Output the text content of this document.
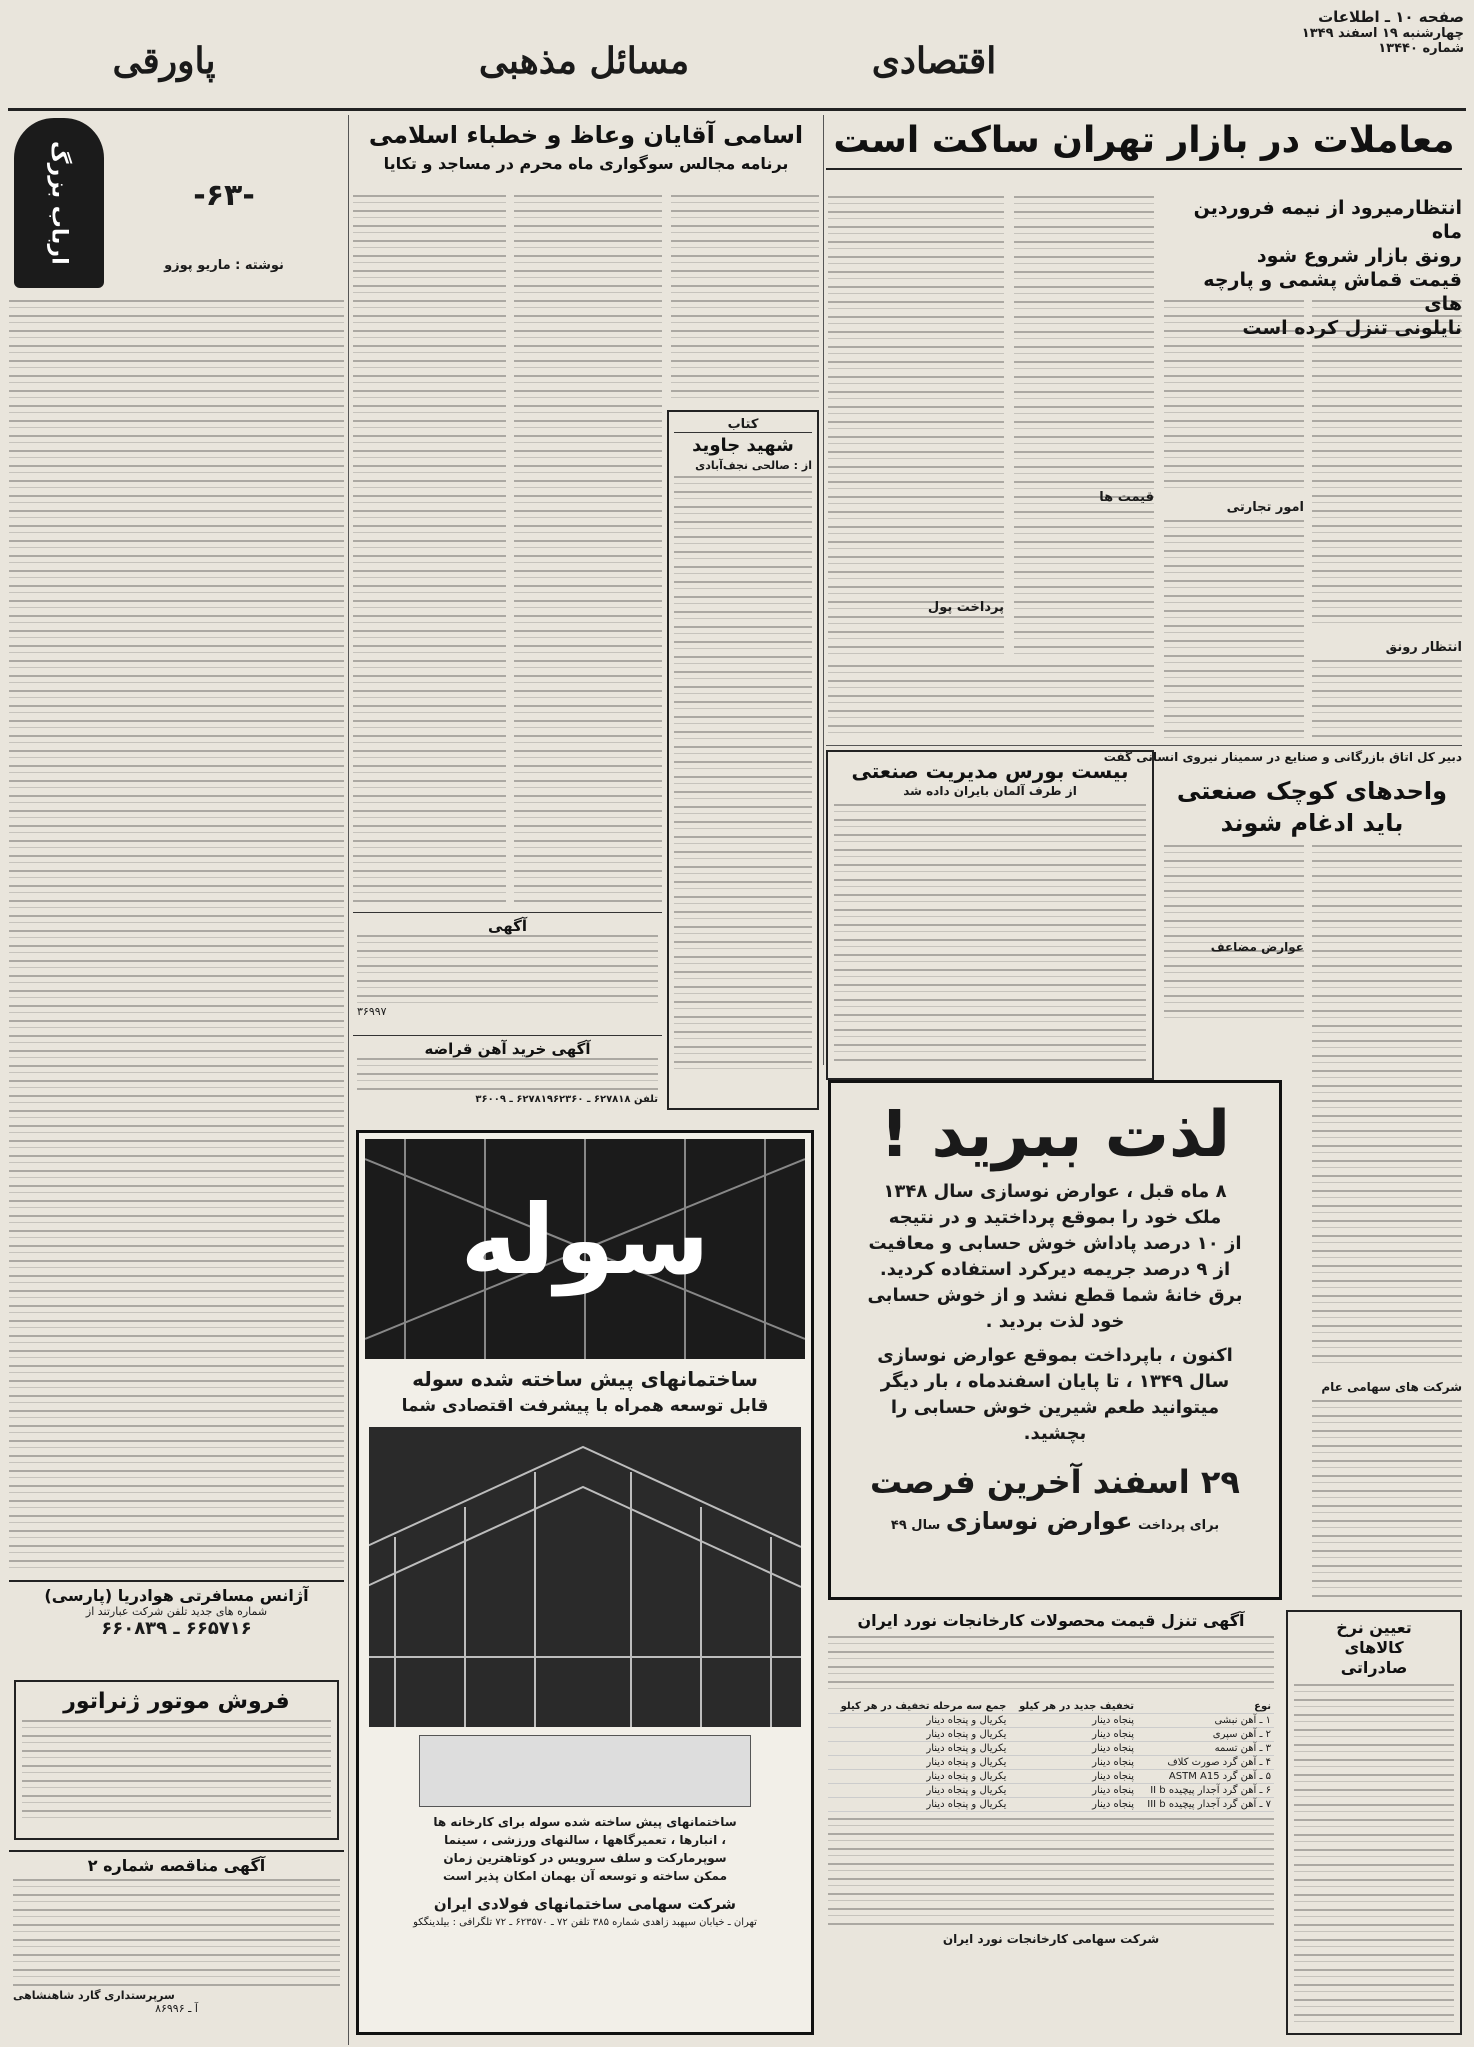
صفحه ۱۰ ـ اطلاعات
چهارشنبه ۱۹ اسفند ۱۳۴۹
شماره ۱۳۴۴۰
اقتصادی
مسائل مذهبی
پاورقی
معاملات در بازار تهران ساکت است
انتظارمیرود از نیمه فروردین ماه
رونق بازار شروع شود
قیمت قماش پشمی و پارچه های
نایلونی تنزل کرده است
انتظار رونق
امور تجارتی
قیمت ها
پرداخت پول
دبیر کل اتاق بازرگانی و صنایع در سمینار نیروی انسانی گفت
واحدهای کوچک صنعتی
باید ادغام شوند
عوارض مضاعف
شرکت های سهامی عام
بیست بورس مدیریت صنعتی
از طرف آلمان بایران داده شد
لذت ببرید !
۸ ماه قبل ، عوارض نوسازی سال ۱۳۴۸
ملک خود را بموقع پرداختید و در نتیجه
از ۱۰ درصد پاداش خوش حسابی و معافیت
از ۹ درصد جریمه دیرکرد استفاده کردید.
برق خانهٔ شما قطع نشد و از خوش حسابی
خود لذت بردید .
اکنون ، باپرداخت بموقع عوارض نوسازی
سال ۱۳۴۹ ، تا پایان اسفندماه ، بار دیگر
میتوانید طعم شیرین خوش حسابی را
بچشید.
۲۹ اسفند آخرین فرصت
برای پرداخت عوارض نوسازی سال ۴۹
تعیین نرخ
کالاهای
صادراتی
آگهی تنزل قیمت محصولات کارخانجات نورد ایران
نوع	تخفیف جدید در هر کیلو	جمع سه مرحله تخفیف در هر کیلو
۱ ـ آهن نبشی	پنجاه دینار	یکریال و پنجاه دینار
۲ ـ آهن سپری	پنجاه دینار	یکریال و پنجاه دینار
۳ ـ آهن تسمه	پنجاه دینار	یکریال و پنجاه دینار
۴ ـ آهن گرد صورت کلاف	پنجاه دینار	یکریال و پنجاه دینار
۵ ـ آهن گرد ASTM A15	پنجاه دینار	یکریال و پنجاه دینار
۶ ـ آهن گرد آجدار پیچیده II b	پنجاه دینار	یکریال و پنجاه دینار
۷ ـ آهن گرد آجدار پیچیده III b	پنجاه دینار	یکریال و پنجاه دینار
شرکت سهامی کارخانجات نورد ایران
اسامی آقایان وعاظ و خطباء اسلامی
برنامه مجالس سوگواری ماه محرم در مساجد و تکایا
کتاب
شهید جاوید
از : صالحی نجف‌آبادی
آگهی
۳۶۹۹۷
آگهی خرید آهن قراضه
تلفن ۶۲۷۸۱۸ ـ ۶۲۷۸۱۹۶۲۳۶۰ ـ ۳۶۰۰۹
سوله
ساختمانهای پیش ساخته شده سوله
قابل توسعه همراه با پیشرفت اقتصادی شما
ساختمانهای پیش ساخته شده سوله برای کارخانه ها
، انبارها ، تعمیرگاهها ، سالنهای ورزشی ، سینما
سوپرمارکت و سلف سرویس در کوتاهترین زمان
ممکن ساخته و توسعه آن بهمان امکان پذیر است
شرکت سهامی ساختمانهای فولادی ایران
تهران ـ خیابان سپهبد زاهدی شماره ۳۸۵ تلفن ۷۲ ـ ۶۲۳۵۷۰ ـ ۷۲ تلگرافی : بیلدینگکو
ارباب بزرگ	-۶۳-
نوشته : ماریو پوزو
آژانس مسافرتی هوادریا (پارسی)
شماره های جدید تلفن شرکت عبارتند از
۶۶۵۷۱۶ ـ ۶۶۰۸۳۹
فروش موتور ژنراتور
آگهی مناقصه شماره ۲
سرپرستداری گارد شاهنشاهی
آ ـ ۸۶۹۹۶
